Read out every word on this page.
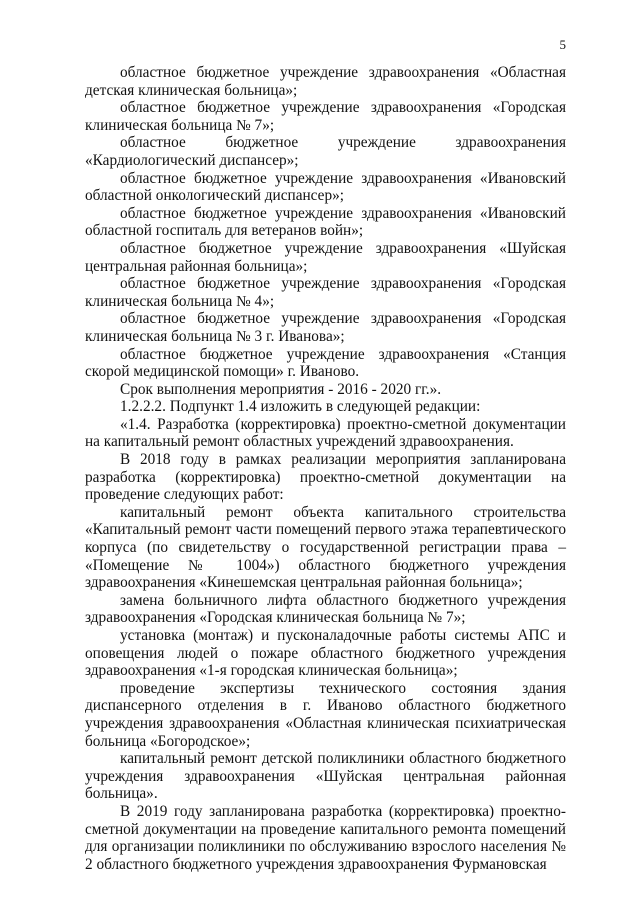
5

областное бюджетное учреждение здравоохранения «Областная детская клиническая больница»;

областное бюджетное учреждение здравоохранения «Городская клиническая больница № 7»;

областное бюджетное учреждение здравоохранения «Кардиологический диспансер»;

областное бюджетное учреждение здравоохранения «Ивановский областной онкологический диспансер»;

областное бюджетное учреждение здравоохранения «Ивановский областной госпиталь для ветеранов войн»;

областное бюджетное учреждение здравоохранения «Шуйская центральная районная больница»;

областное бюджетное учреждение здравоохранения «Городская клиническая больница № 4»;

областное бюджетное учреждение здравоохранения «Городская клиническая больница № 3 г. Иванова»;

областное бюджетное учреждение здравоохранения «Станция скорой медицинской помощи» г. Иваново.

Срок выполнения мероприятия - 2016 - 2020 гг.».

1.2.2.2. Подпункт 1.4 изложить в следующей редакции:

«1.4. Разработка (корректировка) проектно-сметной документации на капитальный ремонт областных учреждений здравоохранения.

В 2018 году в рамках реализации мероприятия запланирована разработка (корректировка) проектно-сметной документации на проведение следующих работ:

капитальный ремонт объекта капитального строительства «Капитальный ремонт части помещений первого этажа терапевтического корпуса (по свидетельству о государственной регистрации права – «Помещение № 1004») областного бюджетного учреждения здравоохранения «Кинешемская центральная районная больница»;

замена больничного лифта областного бюджетного учреждения здравоохранения «Городская клиническая больница № 7»;

установка (монтаж) и пусконаладочные работы системы АПС и оповещения людей о пожаре областного бюджетного учреждения здравоохранения «1-я городская клиническая больница»;

проведение экспертизы технического состояния здания диспансерного отделения в г. Иваново областного бюджетного учреждения здравоохранения «Областная клиническая психиатрическая больница «Богородское»;

капитальный ремонт детской поликлиники областного бюджетного учреждения здравоохранения «Шуйская центральная районная больница».

В 2019 году запланирована разработка (корректировка) проектно-сметной документации на проведение капитального ремонта помещений для организации поликлиники по обслуживанию взрослого населения № 2 областного бюджетного учреждения здравоохранения Фурмановская
